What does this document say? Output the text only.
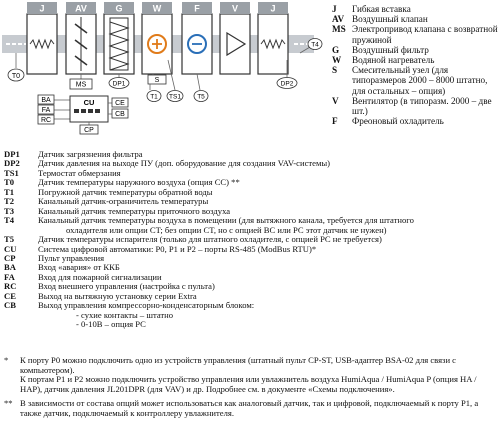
J	AV	G	W	F	V	J
T0
MS	DP1	S
T1 TS1 T5
DP2
T4
BA
FA
RC
CU	CE
CB
CP
J	Гибкая вставка
AV Воздушный клапан
MS Электропривод клапана с возвратной пружиной
G	Воздушный фильтр
W	Водяной нагреватель
S	Смесительный узел (для типоразмеров 2000 – 8000 штатно, для остальных – опция)
V	Вентилятор (в типоразм. 2000 – две шт.)
F	Фреоновый охладитель
DP1	Датчик загрязнения фильтра
DP2	Датчик давления на выходе ПУ (доп. оборудование для создания VAV-системы)
TS1	Термостат обмерзания
T0	Датчик температуры наружного воздуха (опция CC) **
T1	Погружной датчик температуры обратной воды
T2	Канальный датчик-ограничитель температуры
T3	Канальный датчик температуры приточного воздуха
T4	Канальный датчик температуры воздуха в помещении (для вытяжного канала, требуется для штатного
охладителя или опции CT; без опции CT, но с опцией BC или PC этот датчик не нужен)
T5	Датчик температуры испарителя (только для штатного охладителя, с опцией PC не требуется)
CU	Система цифровой автоматики: P0, P1 и P2 – порты RS-485 (ModBus RTU)*
CP	Пульт управления
BA	Вход «авария» от ККБ
FA	Вход для пожарной сигнализации
RC	Вход внешнего управления (настройка с пульта)
CE	Выход на вытяжную установку серии Extra
CB	Выход управления компрессорно-конденсаторным блоком:
- сухие контакты – штатно
- 0-10В – опция PC
*	К порту P0 можно подключить одно из устройств управления (штатный пульт CP-ST, USB-адаптер BSA-02 для связи с компьютером).
К портам P1 и P2 можно подключить устройство управления или увлажнитель воздуха HumiAqua / HumiAqua P (опция HA / HAP), датчик давления JL201DPR (для VAV) и др. Подробнее см. в документе «Схемы подключения».
** В зависимости от состава опций может использоваться как аналоговый датчик, так и цифровой, подключаемый к порту P1, а также датчик, подключаемый к контроллеру увлажнителя.
